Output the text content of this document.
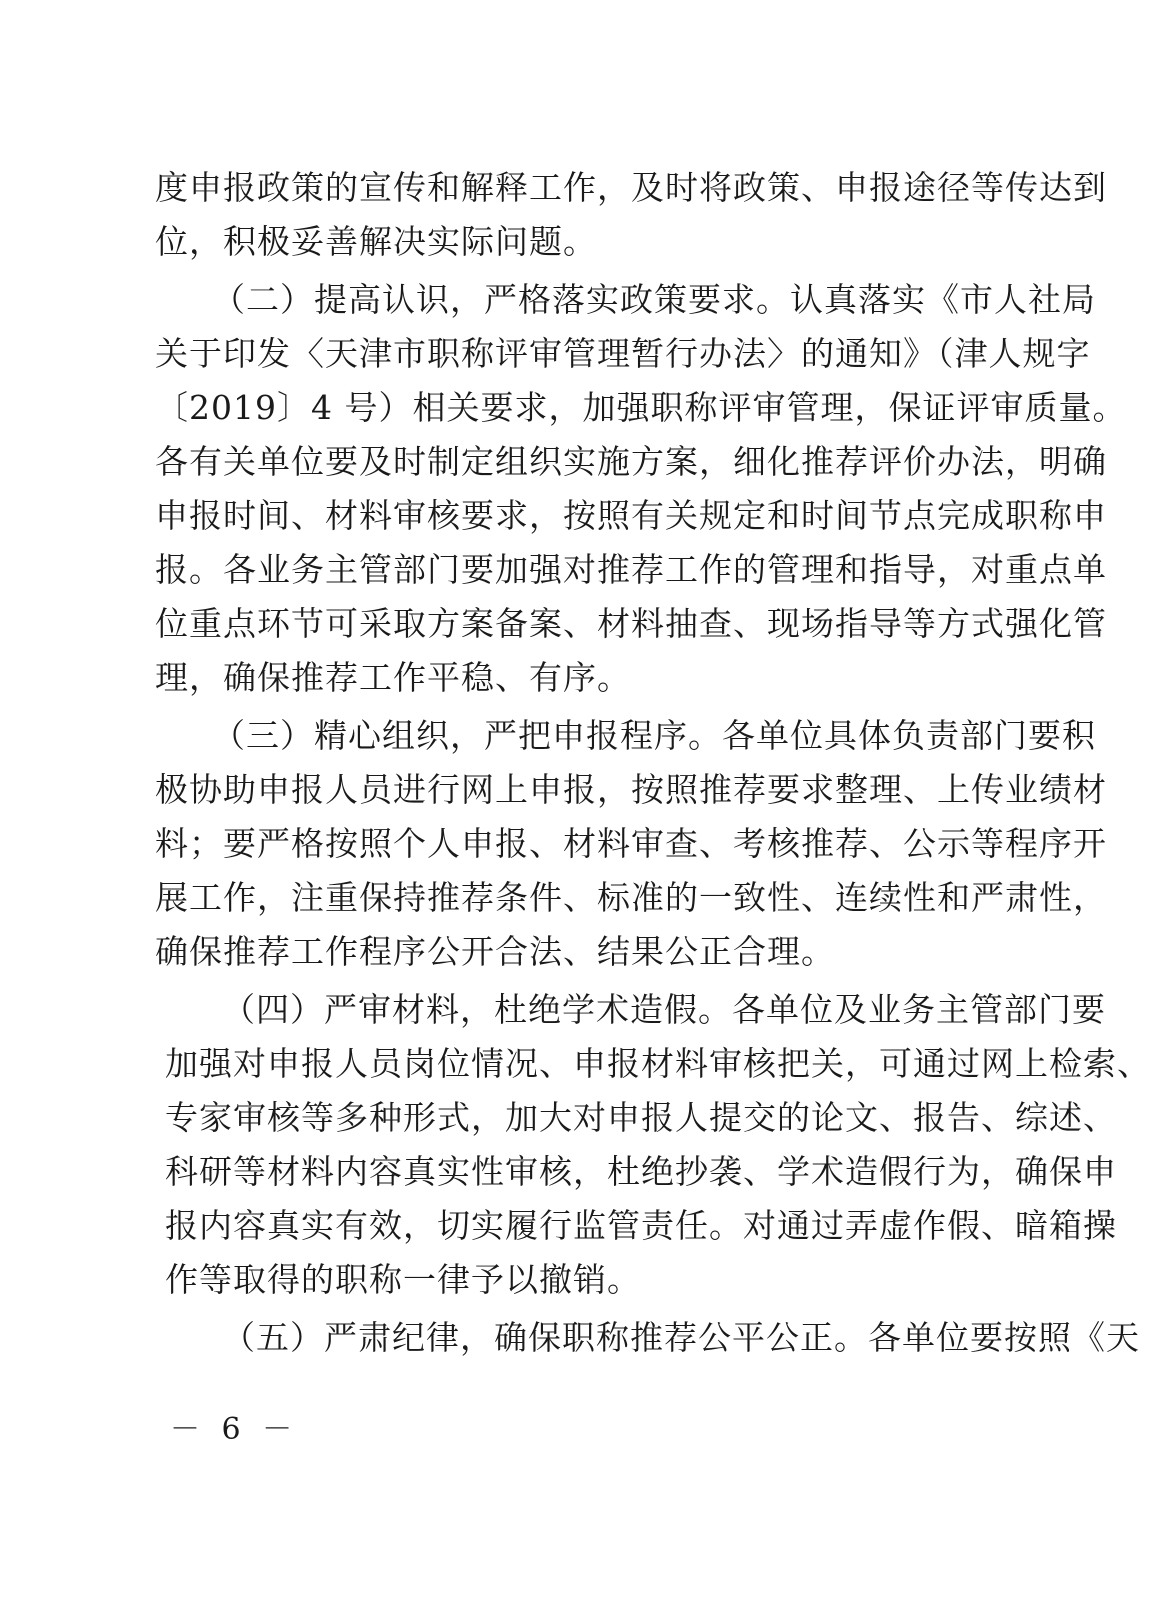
度申报政策的宣传和解释工作，及时将政策、申报途径等传达到
位，积极妥善解决实际问题。
（二）提高认识，严格落实政策要求。认真落实《市人社局
关于印发〈天津市职称评审管理暂行办法〉的通知》（津人规字
〔2019〕4 号）相关要求，加强职称评审管理，保证评审质量。
各有关单位要及时制定组织实施方案，细化推荐评价办法，明确
申报时间、材料审核要求，按照有关规定和时间节点完成职称申
报。各业务主管部门要加强对推荐工作的管理和指导，对重点单
位重点环节可采取方案备案、材料抽查、现场指导等方式强化管
理，确保推荐工作平稳、有序。
（三）精心组织，严把申报程序。各单位具体负责部门要积
极协助申报人员进行网上申报，按照推荐要求整理、上传业绩材
料；要严格按照个人申报、材料审查、考核推荐、公示等程序开
展工作，注重保持推荐条件、标准的一致性、连续性和严肃性，
确保推荐工作程序公开合法、结果公正合理。
（四）严审材料，杜绝学术造假。各单位及业务主管部门要
加强对申报人员岗位情况、申报材料审核把关，可通过网上检索、
专家审核等多种形式，加大对申报人提交的论文、报告、综述、
科研等材料内容真实性审核，杜绝抄袭、学术造假行为，确保申
报内容真实有效，切实履行监管责任。对通过弄虚作假、暗箱操
作等取得的职称一律予以撤销。
（五）严肃纪律，确保职称推荐公平公正。各单位要按照《天
－ 6 －
